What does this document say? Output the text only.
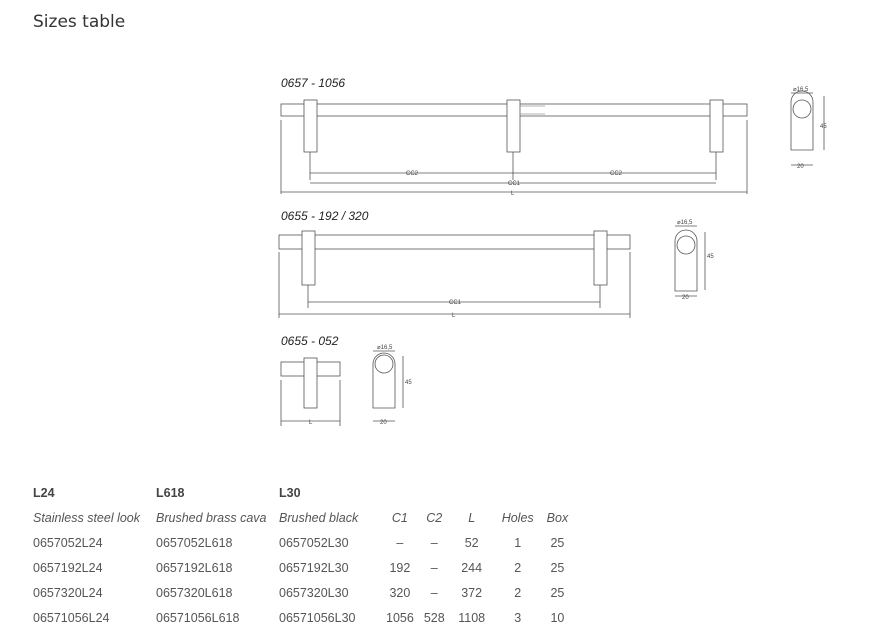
Sizes table
0657 - 1056
0655 - 192 / 320
0655 - 052
CC2
CC1
CC2
L
⌀16,5
45
20
CC1
L
⌀16,5
45
20
L
⌀16,5
45
20
L24	L618	L30					
Stainless steel look	Brushed brass cava	Brushed black	C1	C2	L	Holes	Box
0657052L24	0657052L618	0657052L30	–	–	52	1	25
0657192L24	0657192L618	0657192L30	192	–	244	2	25
0657320L24	0657320L618	0657320L30	320	–	372	2	25
06571056L24	06571056L618	06571056L30	1056	528	1108	3	10
